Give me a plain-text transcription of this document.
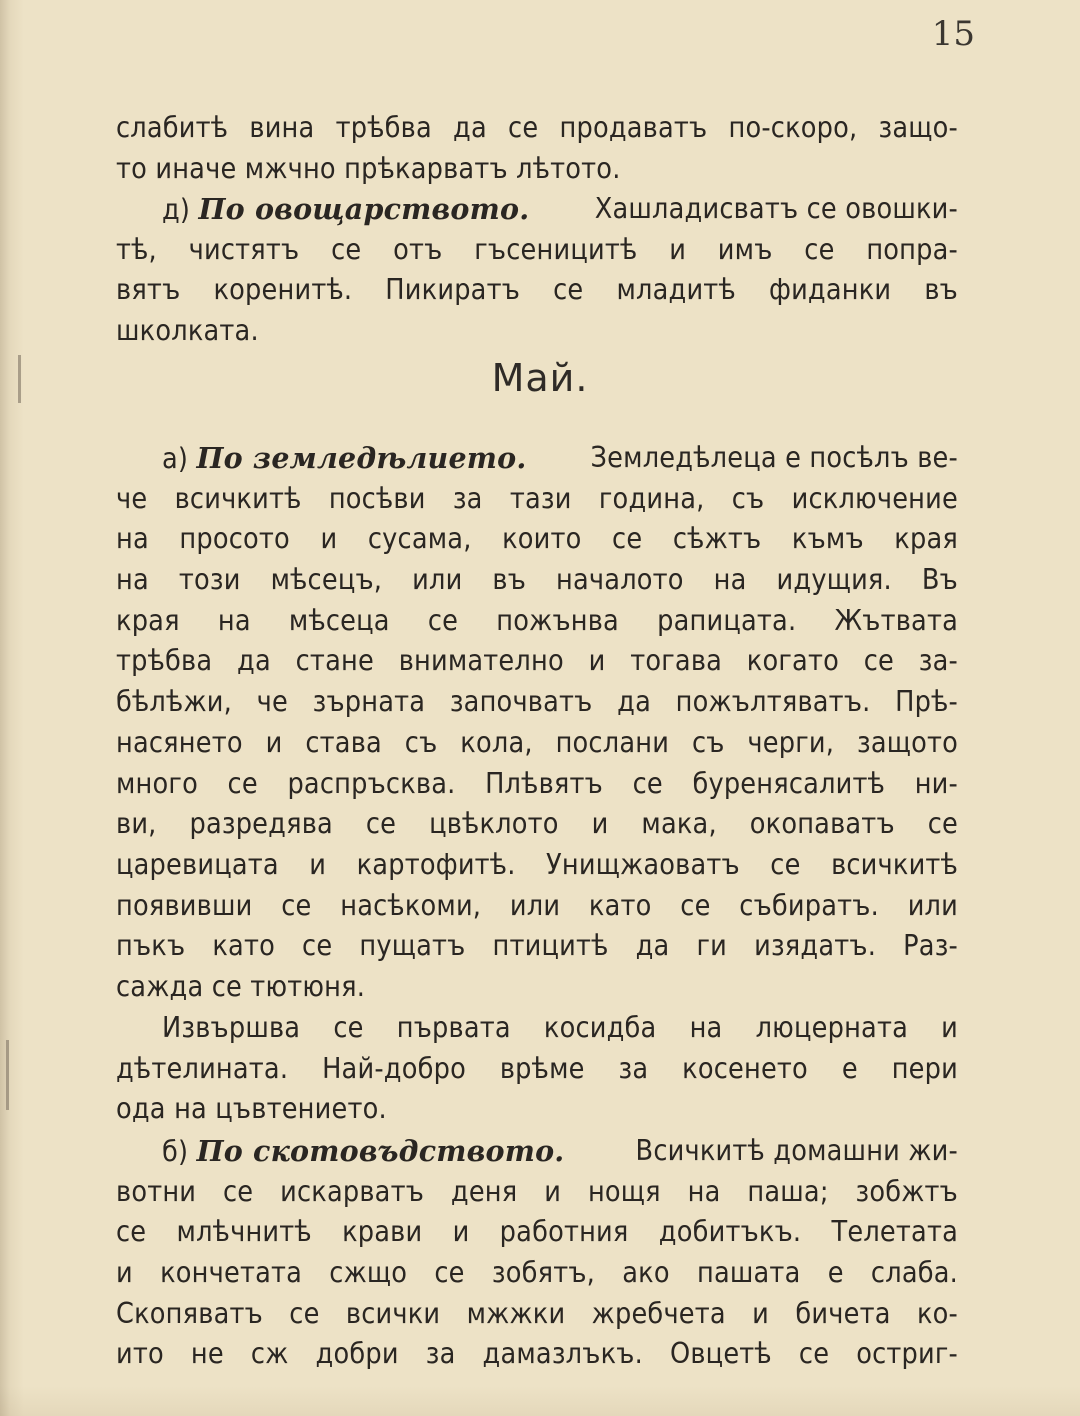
15
слабитѣ вина трѣбва да се продаватъ по-скоро, защо-
то иначе мжчно прѣкарватъ лѣтото.
д) По овощарството. Хашладисватъ се овошки-
тѣ, чистятъ се отъ гъсеницитѣ и имъ се попра-
вятъ коренитѣ. Пикиратъ се младитѣ фиданки въ
школката.
Май.
а) По земледѣлието. Земледѣлеца е посѣлъ ве-
че всичкитѣ посѣви за тази година, съ исключение
на просото и сусама, които се сѣжтъ къмъ края
на този мѣсецъ, или въ началото на идущия. Въ
края на мѣсеца се пожънва рапицата. Жътвата
трѣбва да стане внимателно и тогава когато се за-
бѣлѣжи, че зърната започватъ да пожълтяватъ. Прѣ-
насянето и става съ кола, послани съ черги, защото
много се распръсква. Плѣвятъ се буренясалитѣ ни-
ви, разредява се цвѣклото и мака, окопаватъ се
царевицата и картофитѣ. Унищжаоватъ се всичкитѣ
появивши се насѣкоми, или като се събиратъ. или
пъкъ като се пущатъ птицитѣ да ги изядатъ. Раз-
сажда се тютюня.
Извършва се първата косидба на люцерната и
дѣтелината. Най-добро врѣме за косенето е пери
ода на цъвтението.
б) По скотовъдството. Всичкитѣ домашни жи-
вотни се искарватъ деня и нощя на паша; зобжтъ
се млѣчнитѣ крави и работния добитъкъ. Телетата
и кончетата сжщо се зобятъ, ако пашата е слаба.
Скопяватъ се всички мжжки жребчета и бичета ко-
ито не сж добри за дамазлъкъ. Овцетѣ се остриг-
